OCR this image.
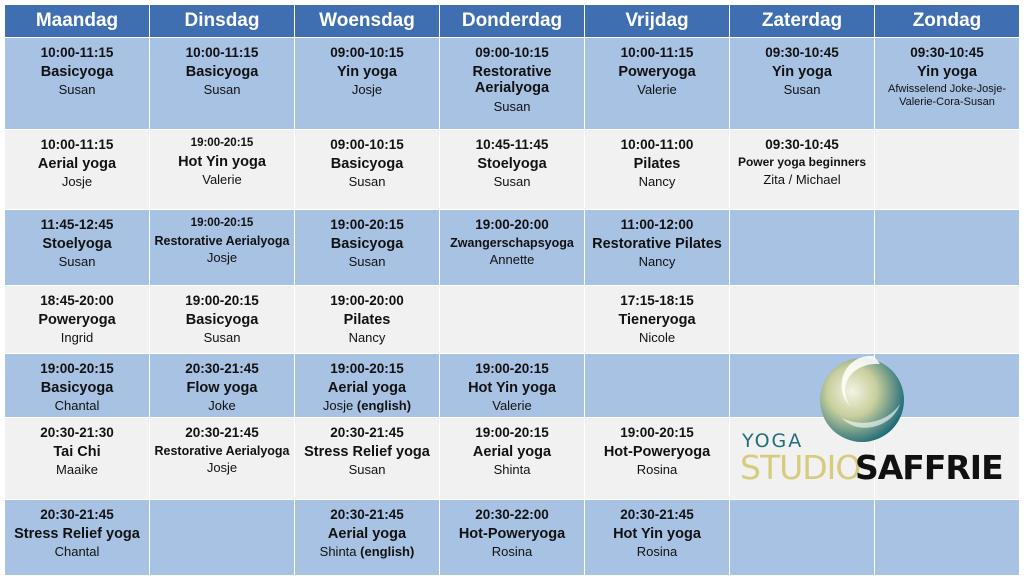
Maandag	Dinsdag	Woensdag	Donderdag	Vrijdag	Zaterdag	Zondag

10:00-11:15
Basicyoga
Susan	10:00-11:15
Basicyoga
Susan	09:00-10:15
Yin yoga
Josje	09:00-10:15
Restorative Aerialyoga
Susan	10:00-11:15
Poweryoga
Valerie	09:30-10:45
Yin yoga
Susan	09:30-10:45
Yin yoga
Afwisselend Joke-Josje-Valerie-Cora-Susan

10:00-11:15
Aerial yoga
Josje	19:00-20:15
Hot Yin yoga
Valerie	09:00-10:15
Basicyoga
Susan	10:45-11:45
Stoelyoga
Susan	10:00-11:00
Pilates
Nancy	09:30-10:45
Power yoga beginners
Zita / Michael	

11:45-12:45
Stoelyoga
Susan	19:00-20:15
Restorative Aerialyoga
Josje	19:00-20:15
Basicyoga
Susan	19:00-20:00
Zwangerschapsyoga
Annette	11:00-12:00
Restorative Pilates
Nancy		

18:45-20:00
Poweryoga
Ingrid	19:00-20:15
Basicyoga
Susan	19:00-20:00
Pilates
Nancy		17:15-18:15
Tieneryoga
Nicole		

19:00-20:15
Basicyoga
Chantal	20:30-21:45
Flow yoga
Joke	19:00-20:15
Aerial yoga
Josje (english)	19:00-20:15
Hot Yin yoga
Valerie			

20:30-21:30
Tai Chi
Maaike	20:30-21:45
Restorative Aerialyoga
Josje	20:30-21:45
Stress Relief yoga
Susan	19:00-20:15
Aerial yoga
Shinta	19:00-20:15
Hot-Poweryoga
Rosina		

20:30-21:45
Stress Relief yoga
Chantal		20:30-21:45
Aerial yoga
Shinta (english)	20:30-22:00
Hot-Poweryoga
Rosina	20:30-21:45
Hot Yin yoga
Rosina		

YOGA
STUDIO
SAFFRIE
